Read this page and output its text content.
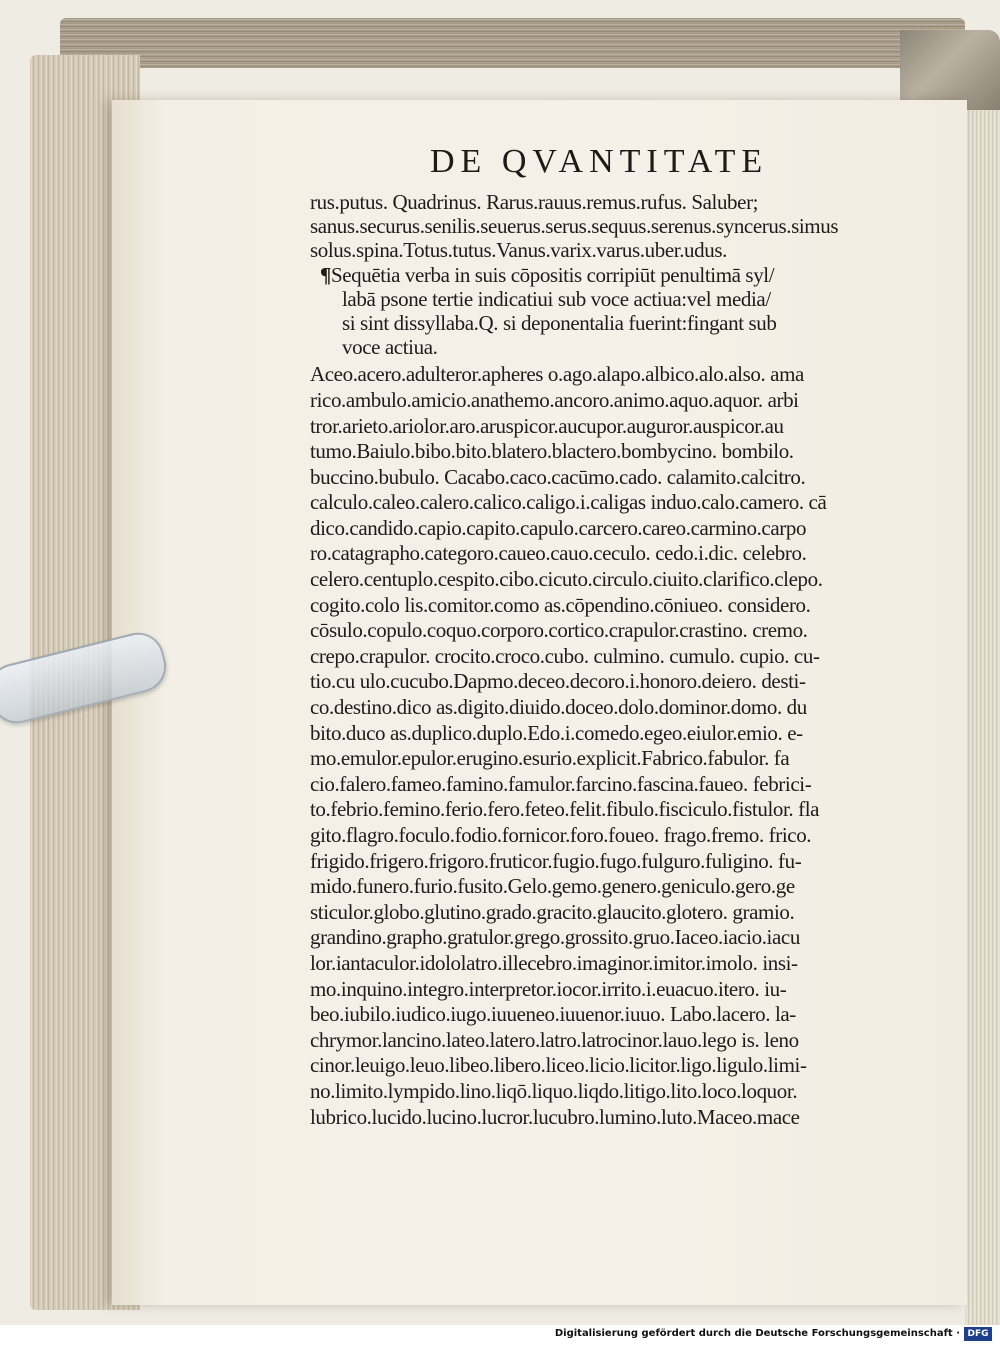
DE QVANTITATE
rus.putus. Quadrinus. Rarus.rauus.remus.rufus. Saluber;
sanus.securus.senilis.seuerus.serus.sequus.serenus.syncerus.simus
solus.spina.Totus.tutus.Vanus.varix.varus.uber.udus.
¶Sequētia verba in suis cōpositis corripiūt penultimā syl/
labā psone tertie indicatiui sub voce actiua:vel media/
si sint dissyllaba.Q. si deponentalia fuerint:fingant sub
voce actiua.
Aceo.acero.adulteror.apheres o.ago.alapo.albico.alo.also. ama
rico.ambulo.amicio.anathemo.ancoro.animo.aquo.aquor. arbi
tror.arieto.ariolor.aro.aruspicor.aucupor.auguror.auspicor.au
tumo.Baiulo.bibo.bito.blatero.blactero.bombycino. bombilo.
buccino.bubulo. Cacabo.caco.cacūmo.cado. calamito.calcitro.
calculo.caleo.calero.calico.caligo.i.caligas induo.calo.camero. cā
dico.candido.capio.capito.capulo.carcero.careo.carmino.carpo
ro.catagrapho.categoro.caueo.cauo.ceculo. cedo.i.dic. celebro.
celero.centuplo.cespito.cibo.cicuto.circulo.ciuito.clarifico.clepo.
cogito.colo lis.comitor.como as.cōpendino.cōniueo. considero.
cōsulo.copulo.coquo.corporo.cortico.crapulor.crastino. cremo.
crepo.crapulor. crocito.croco.cubo. culmino. cumulo. cupio. cu-
tio.cu ulo.cucubo.Dapmo.deceo.decoro.i.honoro.deiero. desti-
co.destino.dico as.digito.diuido.doceo.dolo.dominor.domo. du
bito.duco as.duplico.duplo.Edo.i.comedo.egeo.eiulor.emio. e-
mo.emulor.epulor.erugino.esurio.explicit.Fabrico.fabulor. fa
cio.falero.fameo.famino.famulor.farcino.fascina.faueo. febrici-
to.febrio.femino.ferio.fero.feteo.felit.fibulo.fisciculo.fistulor. fla
gito.flagro.foculo.fodio.fornicor.foro.foueo. frago.fremo. frico.
frigido.frigero.frigoro.fruticor.fugio.fugo.fulguro.fuligino. fu-
mido.funero.furio.fusito.Gelo.gemo.genero.geniculo.gero.ge
sticulor.globo.glutino.grado.gracito.glaucito.glotero. gramio.
grandino.grapho.gratulor.grego.grossito.gruo.Iaceo.iacio.iacu
lor.iantaculor.idololatro.illecebro.imaginor.imitor.imolo. insi-
mo.inquino.integro.interpretor.iocor.irrito.i.euacuo.itero. iu-
beo.iubilo.iudico.iugo.iuueneo.iuuenor.iuuo. Labo.lacero. la-
chrymor.lancino.lateo.latero.latro.latrocinor.lauo.lego is. leno
cinor.leuigo.leuo.libeo.libero.liceo.licio.licitor.ligo.ligulo.limi-
no.limito.lympido.lino.liqō.liquo.liqdo.litigo.lito.loco.loquor.
lubrico.lucido.lucino.lucror.lucubro.lumino.luto.Maceo.mace
Digitalisierung gefördert durch die Deutsche Forschungsgemeinschaft · DFG
